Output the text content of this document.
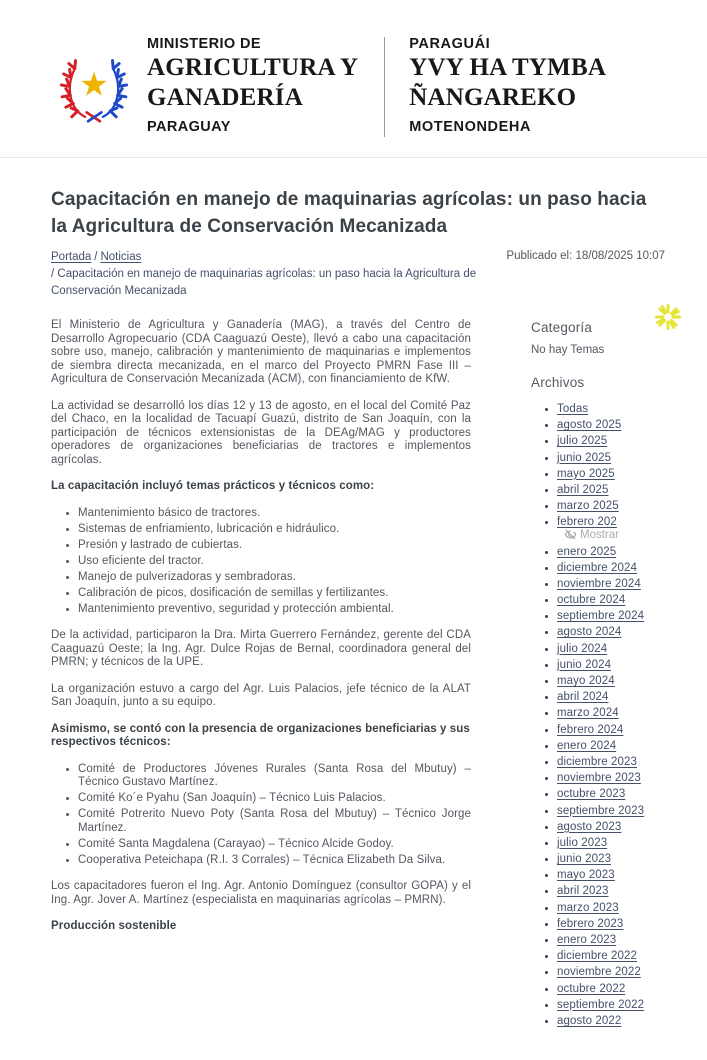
MINISTERIO DE
AGRICULTURA Y
GANADERÍA
PARAGUAY
PARAGUÁI
YVY HA TYMBA
ÑANGAREKO
MOTENONDEHA
Capacitación en manejo de maquinarias agrícolas: un paso hacia la Agricultura de Conservación Mecanizada
Portada / Noticias
/ Capacitación en manejo de maquinarias agrícolas: un paso hacia la Agricultura de Conservación Mecanizada
Publicado el: 18/08/2025 10:07

El Ministerio de Agricultura y Ganadería (MAG), a través del Centro de Desarrollo Agropecuario (CDA Caaguazú Oeste), llevó a cabo una capacitación sobre uso, manejo, calibración y mantenimiento de maquinarias e implementos de siembra directa mecanizada, en el marco del Proyecto PMRN Fase III – Agricultura de Conservación Mecanizada (ACM), con financiamiento de KfW.

La actividad se desarrolló los días 12 y 13 de agosto, en el local del Comité Paz del Chaco, en la localidad de Tacuapí Guazú, distrito de San Joaquín, con la participación de técnicos extensionistas de la DEAg/MAG y productores operadores de organizaciones beneficiarias de tractores e implementos agrícolas.

La capacitación incluyó temas prácticos y técnicos como:

• Mantenimiento básico de tractores.
• Sistemas de enfriamiento, lubricación e hidráulico.
• Presión y lastrado de cubiertas.
• Uso eficiente del tractor.
• Manejo de pulverizadoras y sembradoras.
• Calibración de picos, dosificación de semillas y fertilizantes.
• Mantenimiento preventivo, seguridad y protección ambiental.

De la actividad, participaron la Dra. Mirta Guerrero Fernández, gerente del CDA Caaguazú Oeste; la Ing. Agr. Dulce Rojas de Bernal, coordinadora general del PMRN; y técnicos de la UPE.

La organización estuvo a cargo del Agr. Luis Palacios, jefe técnico de la ALAT San Joaquín, junto a su equipo.

Asimismo, se contó con la presencia de organizaciones beneficiarias y sus respectivos técnicos:

• Comité de Productores Jóvenes Rurales (Santa Rosa del Mbutuy) – Técnico Gustavo Martínez.
• Comité Ko´e Pyahu (San Joaquín) – Técnico Luis Palacios.
• Comité Potrerito Nuevo Poty (Santa Rosa del Mbutuy) – Técnico Jorge Martínez.
• Comité Santa Magdalena (Carayao) – Técnico Alcide Godoy.
• Cooperativa Peteichapa (R.I. 3 Corrales) – Técnica Elizabeth Da Silva.

Los capacitadores fueron el Ing. Agr. Antonio Domínguez (consultor GOPA) y el Ing. Agr. Jover A. Martínez (especialista en maquinarias agrícolas – PMRN).

Producción sostenible

Categoría
No hay Temas
Archivos
• Todas
• agosto 2025
• julio 2025
• junio 2025
• mayo 2025
• abril 2025
• marzo 2025
• febrero 202
Mostrar
• enero 2025
• diciembre 2024
• noviembre 2024
• octubre 2024
• septiembre 2024
• agosto 2024
• julio 2024
• junio 2024
• mayo 2024
• abril 2024
• marzo 2024
• febrero 2024
• enero 2024
• diciembre 2023
• noviembre 2023
• octubre 2023
• septiembre 2023
• agosto 2023
• julio 2023
• junio 2023
• mayo 2023
• abril 2023
• marzo 2023
• febrero 2023
• enero 2023
• diciembre 2022
• noviembre 2022
• octubre 2022
• septiembre 2022
• agosto 2022
